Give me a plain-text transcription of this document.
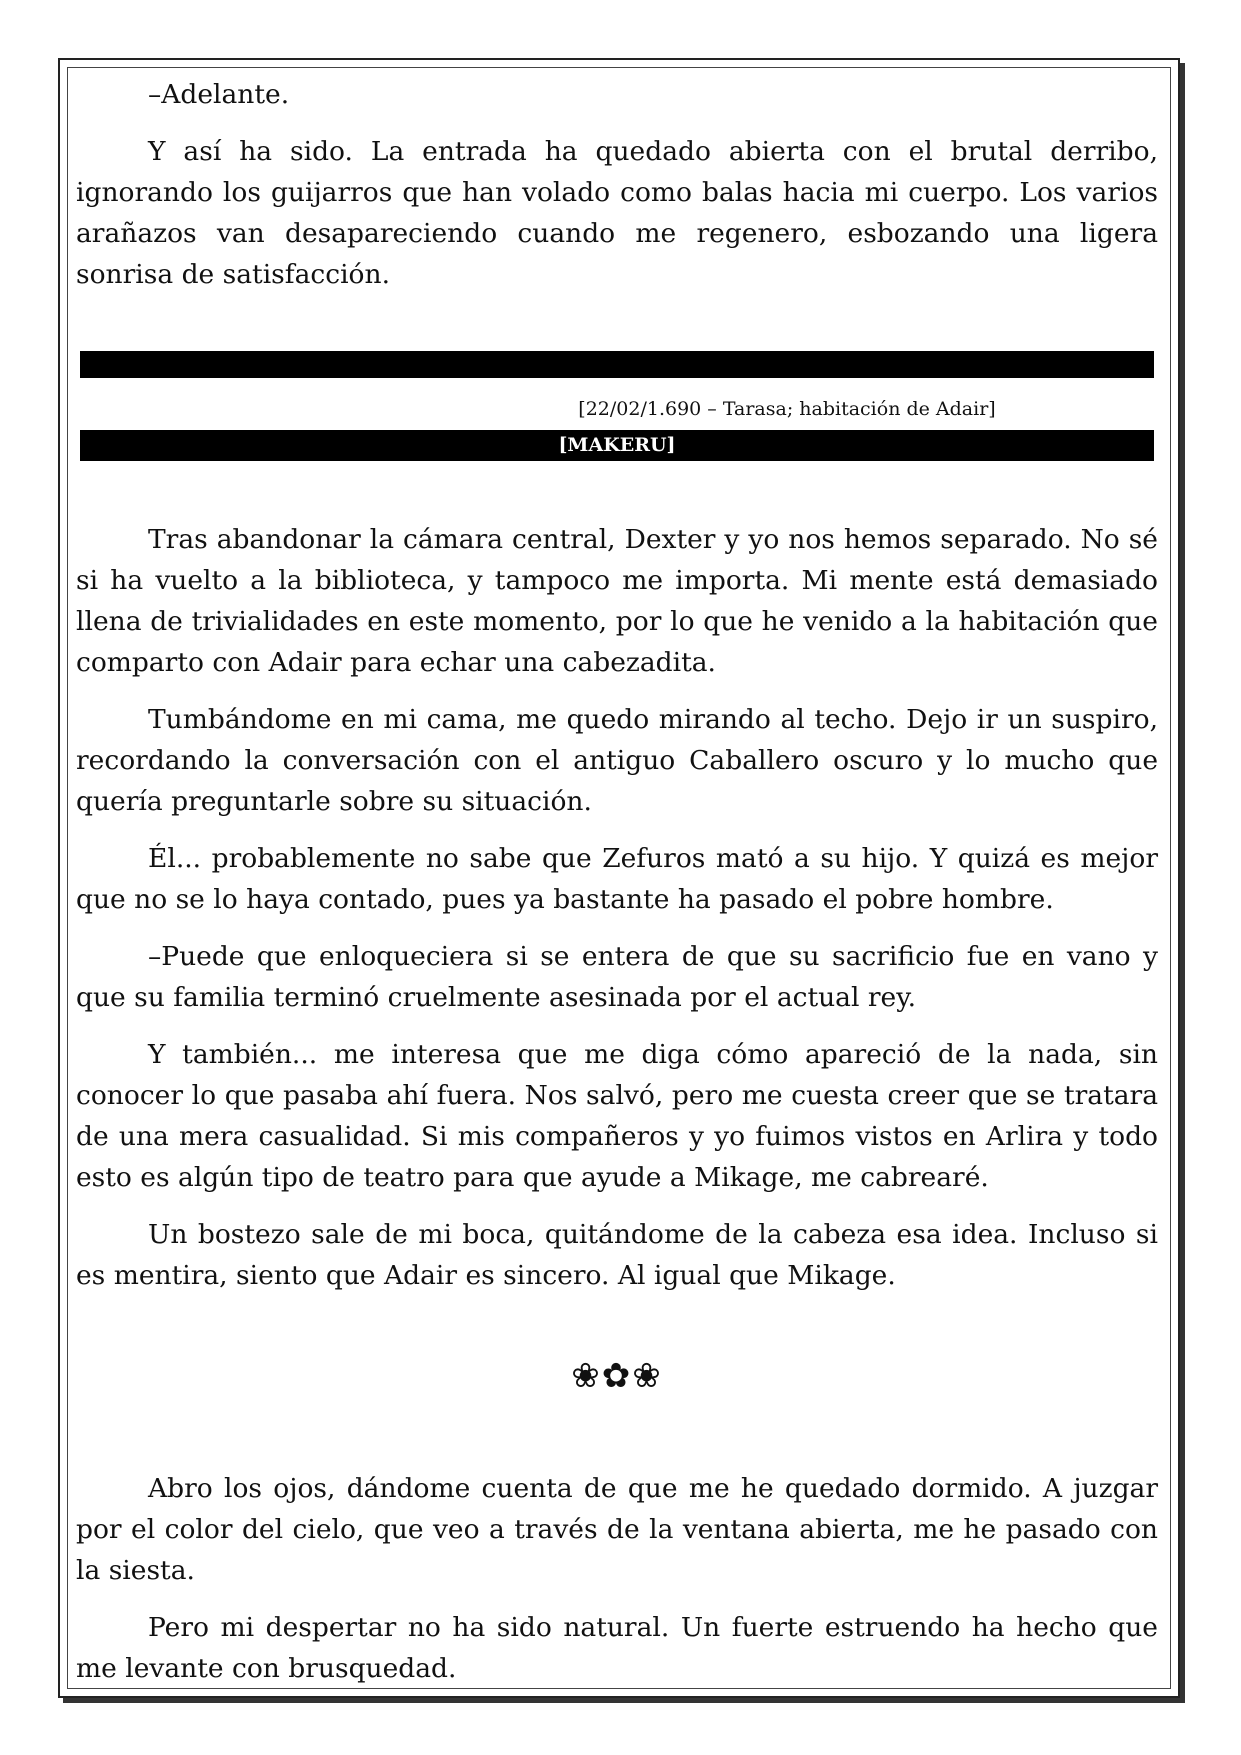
–Adelante.

Y así ha sido. La entrada ha quedado abierta con el brutal derribo, ignorando los guijarros que han volado como balas hacia mi cuerpo. Los varios arañazos van desapareciendo cuando me regenero, esbozando una ligera sonrisa de satisfacción.

[22/02/1.690 – Tarasa; habitación de Adair]
[MAKERU]

Tras abandonar la cámara central, Dexter y yo nos hemos separado. No sé si ha vuelto a la biblioteca, y tampoco me importa. Mi mente está demasiado llena de trivialidades en este momento, por lo que he venido a la habitación que comparto con Adair para echar una cabezadita.

Tumbándome en mi cama, me quedo mirando al techo. Dejo ir un suspiro, recordando la conversación con el antiguo Caballero oscuro y lo mucho que quería preguntarle sobre su situación.

Él... probablemente no sabe que Zefuros mató a su hijo. Y quizá es mejor que no se lo haya contado, pues ya bastante ha pasado el pobre hombre.

–Puede que enloqueciera si se entera de que su sacrificio fue en vano y que su familia terminó cruelmente asesinada por el actual rey.

Y también... me interesa que me diga cómo apareció de la nada, sin conocer lo que pasaba ahí fuera. Nos salvó, pero me cuesta creer que se tratara de una mera casualidad. Si mis compañeros y yo fuimos vistos en Arlira y todo esto es algún tipo de teatro para que ayude a Mikage, me cabrearé.

Un bostezo sale de mi boca, quitándome de la cabeza esa idea. Incluso si es mentira, siento que Adair es sincero. Al igual que Mikage.

❀✿❀

Abro los ojos, dándome cuenta de que me he quedado dormido. A juzgar por el color del cielo, que veo a través de la ventana abierta, me he pasado con la siesta.

Pero mi despertar no ha sido natural. Un fuerte estruendo ha hecho que me levante con brusquedad.
